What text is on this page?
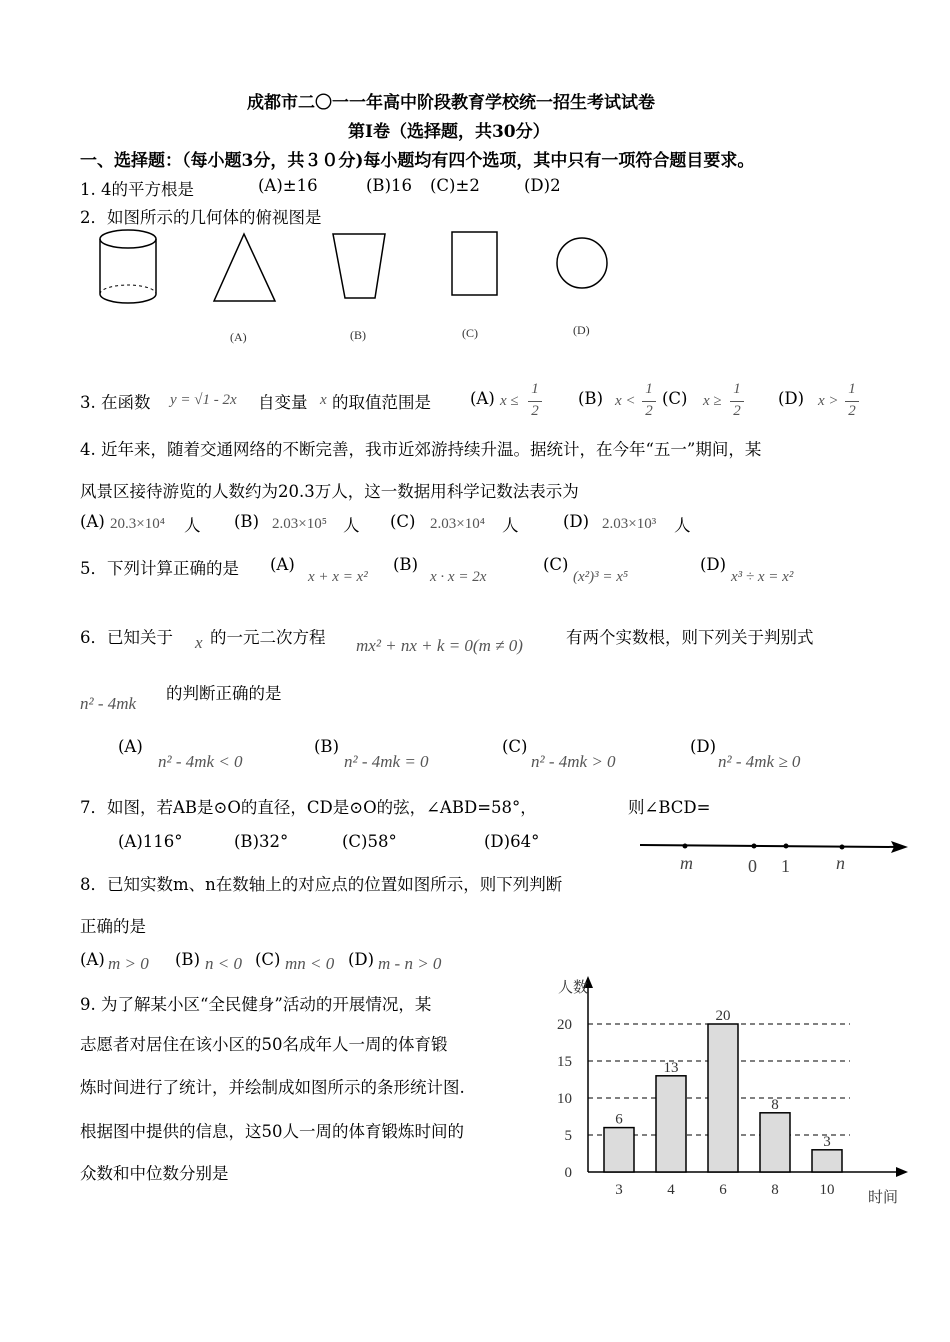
成都市二〇一一年高中阶段教育学校统一招生考试试卷
第Ⅰ卷（选择题，共30分）
一、选择题：（每小题3分，共３０分)每小题均有四个选项，其中只有一项符合题目要求。
1. 4的平方根是	(A)±16	(B)16 (C)±2	(D)2
2．如图所示的几何体的俯视图是
(A)	(B)	(C)	(D)
3. 在函数 y = √1 - 2x 自变量 x 的取值范围是 (A) x ≤
1
2
(B) x <
1
2
(C) x ≥
1
2
(D) x >
1
2
4. 近年来，随着交通网络的不断完善，我市近郊游持续升温。据统计，在今年“五一”期间，某
风景区接待游览的人数约为20.3万人，这一数据用科学记数法表示为
(A) 20.3×10⁴ 人 (B) 2.03×10⁵ 人 (C) 2.03×10⁴ 人	(D) 2.03×10³ 人
5．下列计算正确的是 (A)
x + x = x²
(B)
x · x = 2x
(C)
(x²)³ = x⁵
(D)
x³ ÷ x = x²
6．已知关于 x 的一元二次方程 mx² + nx + k = 0(m ≠ 0)	有两个实数根，则下列关于判别式
n² - 4mk
的判断正确的是
(A)
n² - 4mk < 0
(B)
n² - 4mk = 0
(C)
n² - 4mk > 0
(D)
n² - 4mk ≥ 0
7．如图，若AB是⊙O的直径，CD是⊙O的弦，∠ABD=58°，	则∠BCD=
(A)116°	(B)32°	(C)58°	(D)64°
m	0 1	n
8．已知实数m、n在数轴上的对应点的位置如图所示，则下列判断
正确的是
(A) m > 0 (B) n < 0 (C) mn < 0 (D) m - n > 0
9. 为了解某小区“全民健身”活动的开展情况，某
志愿者对居住在该小区的50名成年人一周的体育锻
炼时间进行了统计，并绘制成如图所示的条形统计图.
根据图中提供的信息，这50人一周的体育锻炼时间的
众数和中位数分别是	0
5
10
15
20
人数
时间
6
3
13
4
20
6
8
8
3
10
